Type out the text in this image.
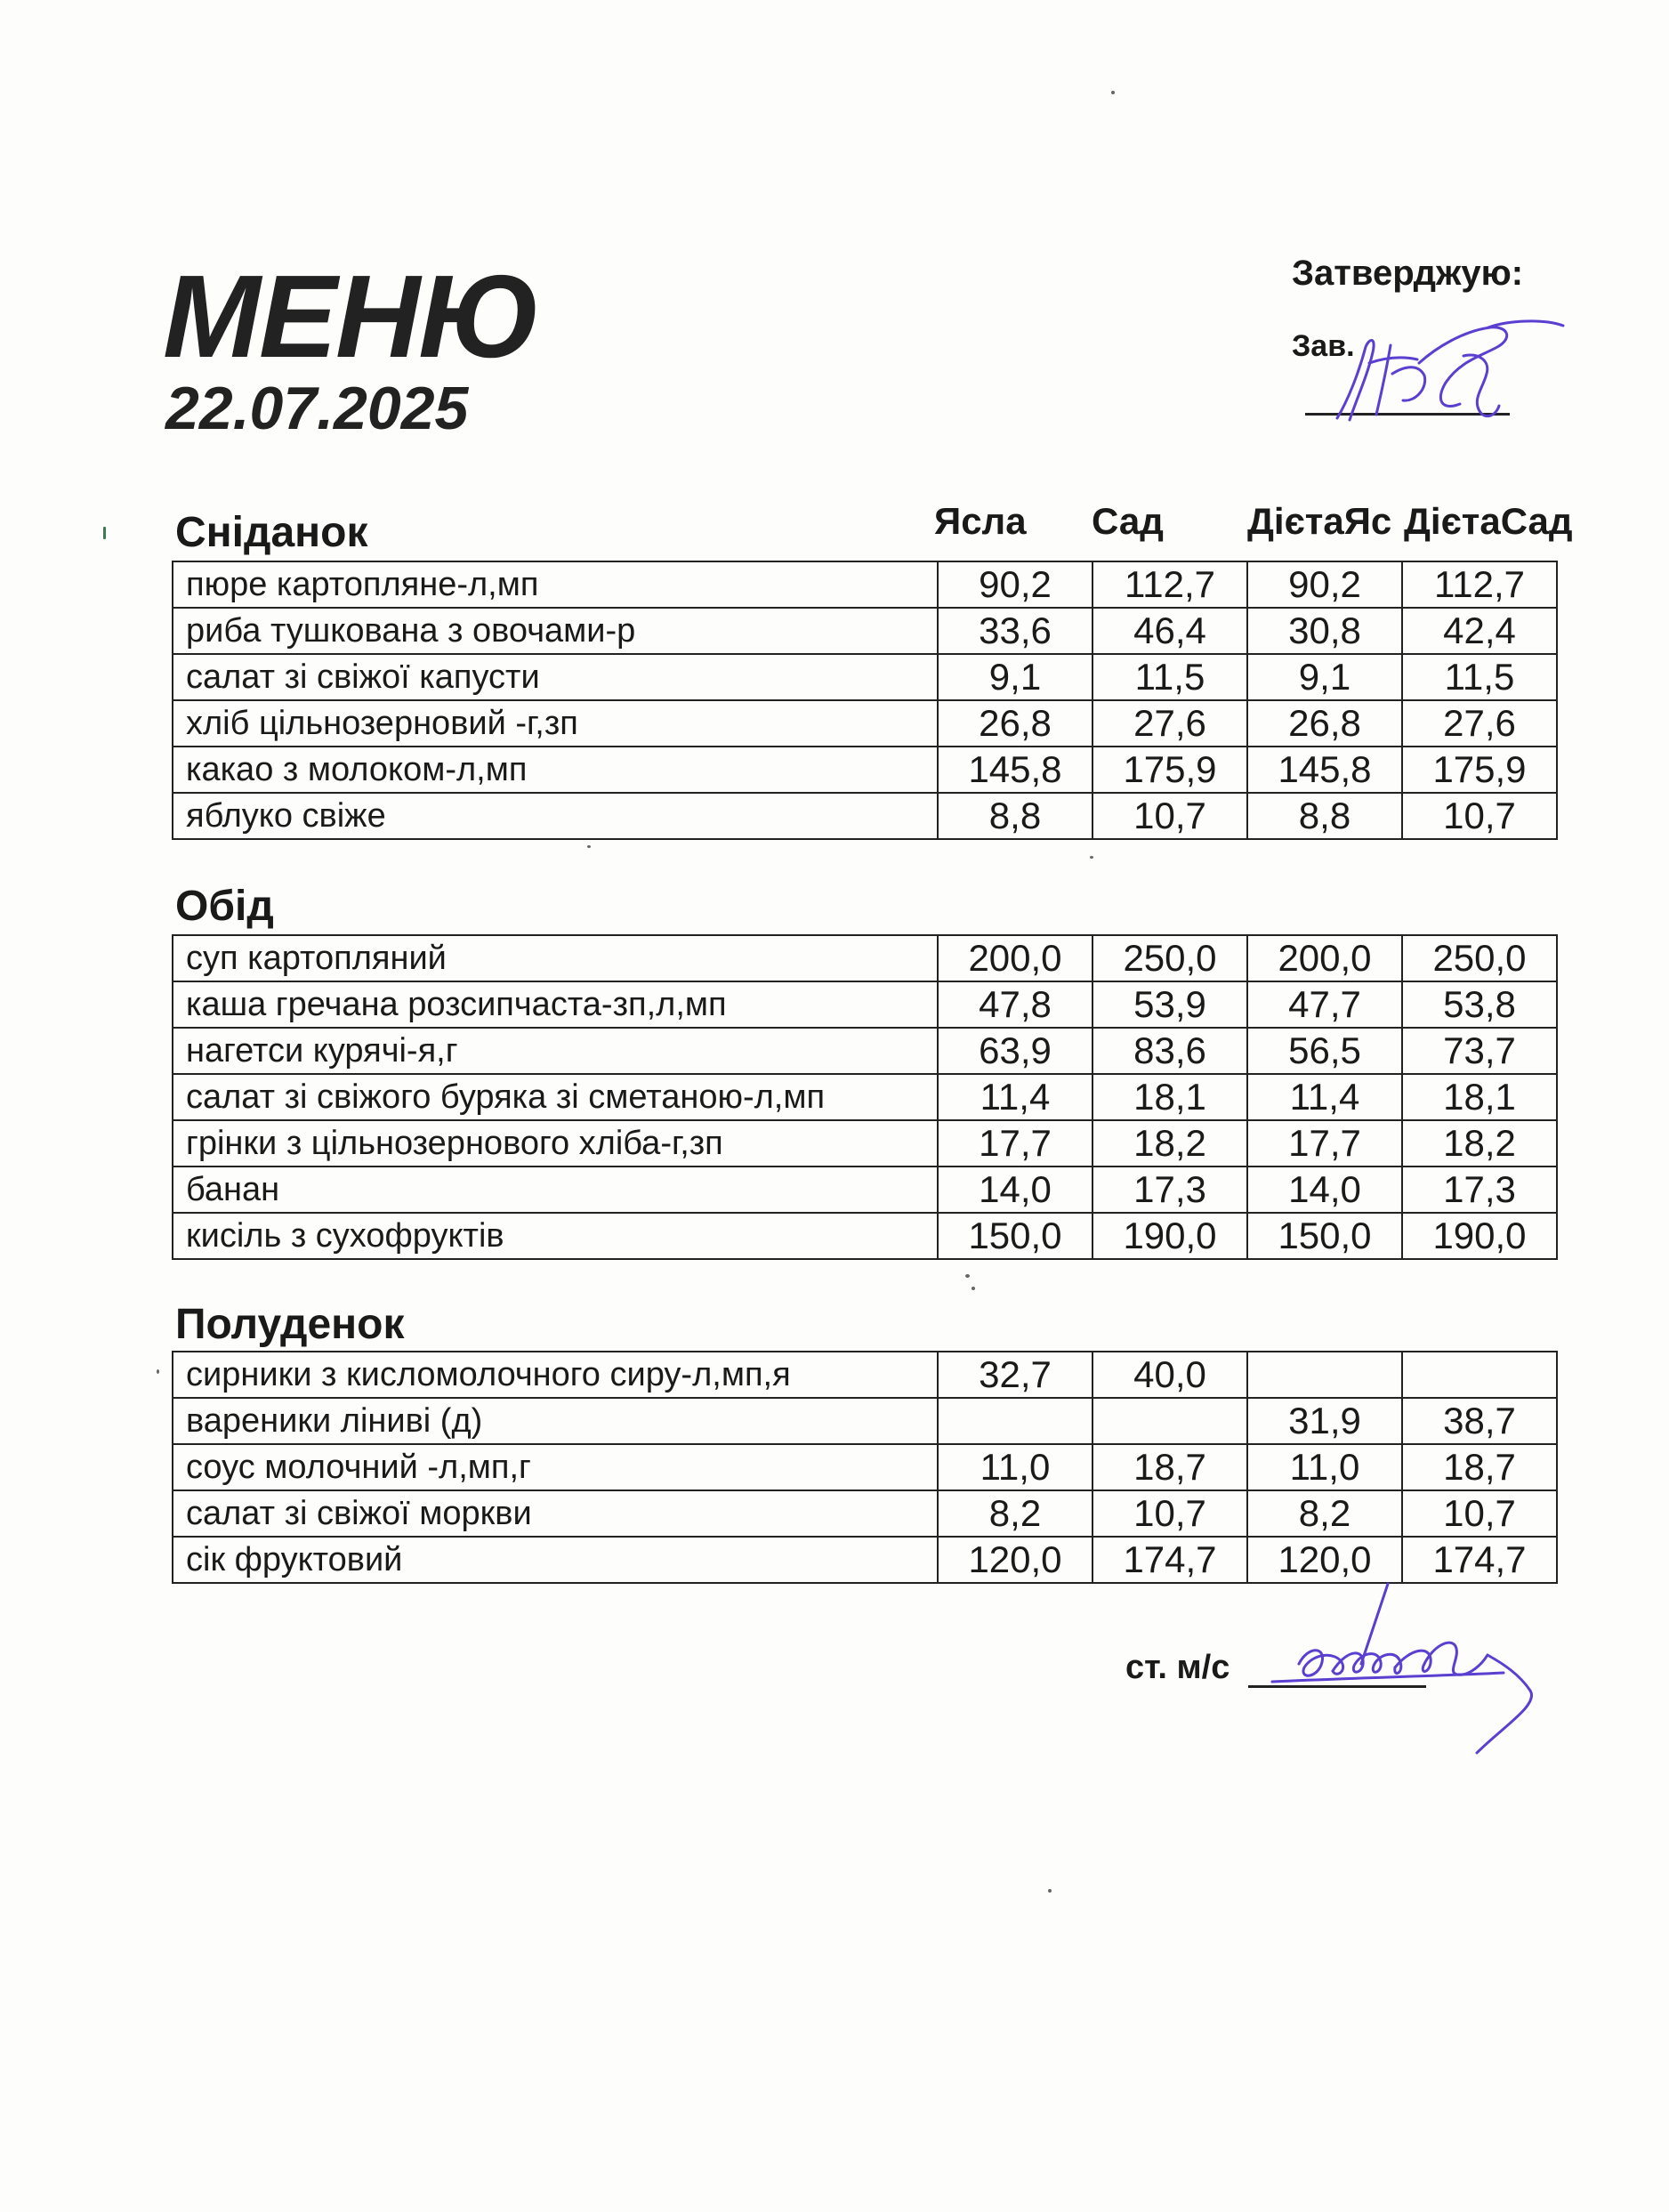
МЕНЮ
22.07.2025
Затверджую:
Зав.
Ясла Сад ДієтаЯс ДієтаСад
Сніданок
пюре картопляне-л,мп	90,2	112,7	90,2	112,7
риба тушкована з овочами-р	33,6	46,4	30,8	42,4
салат зі свіжої капусти	9,1	11,5	9,1	11,5
хліб цільнозерновий -г,зп	26,8	27,6	26,8	27,6
какао з молоком-л,мп	145,8	175,9	145,8	175,9
яблуко свіже	8,8	10,7	8,8	10,7
Обід
суп картопляний	200,0	250,0	200,0	250,0
каша гречана розсипчаста-зп,л,мп	47,8	53,9	47,7	53,8
нагетси курячі-я,г	63,9	83,6	56,5	73,7
салат зі свіжого буряка зі сметаною-л,мп	11,4	18,1	11,4	18,1
грінки з цільнозернового хліба-г,зп	17,7	18,2	17,7	18,2
банан	14,0	17,3	14,0	17,3
кисіль з сухофруктів	150,0	190,0	150,0	190,0
Полуденок
сирники з кисломолочного сиру-л,мп,я	32,7	40,0		
вареники ліниві (д)			31,9	38,7
соус молочний -л,мп,г	11,0	18,7	11,0	18,7
салат зі свіжої моркви	8,2	10,7	8,2	10,7
сік фруктовий	120,0	174,7	120,0	174,7
ст. м/с
